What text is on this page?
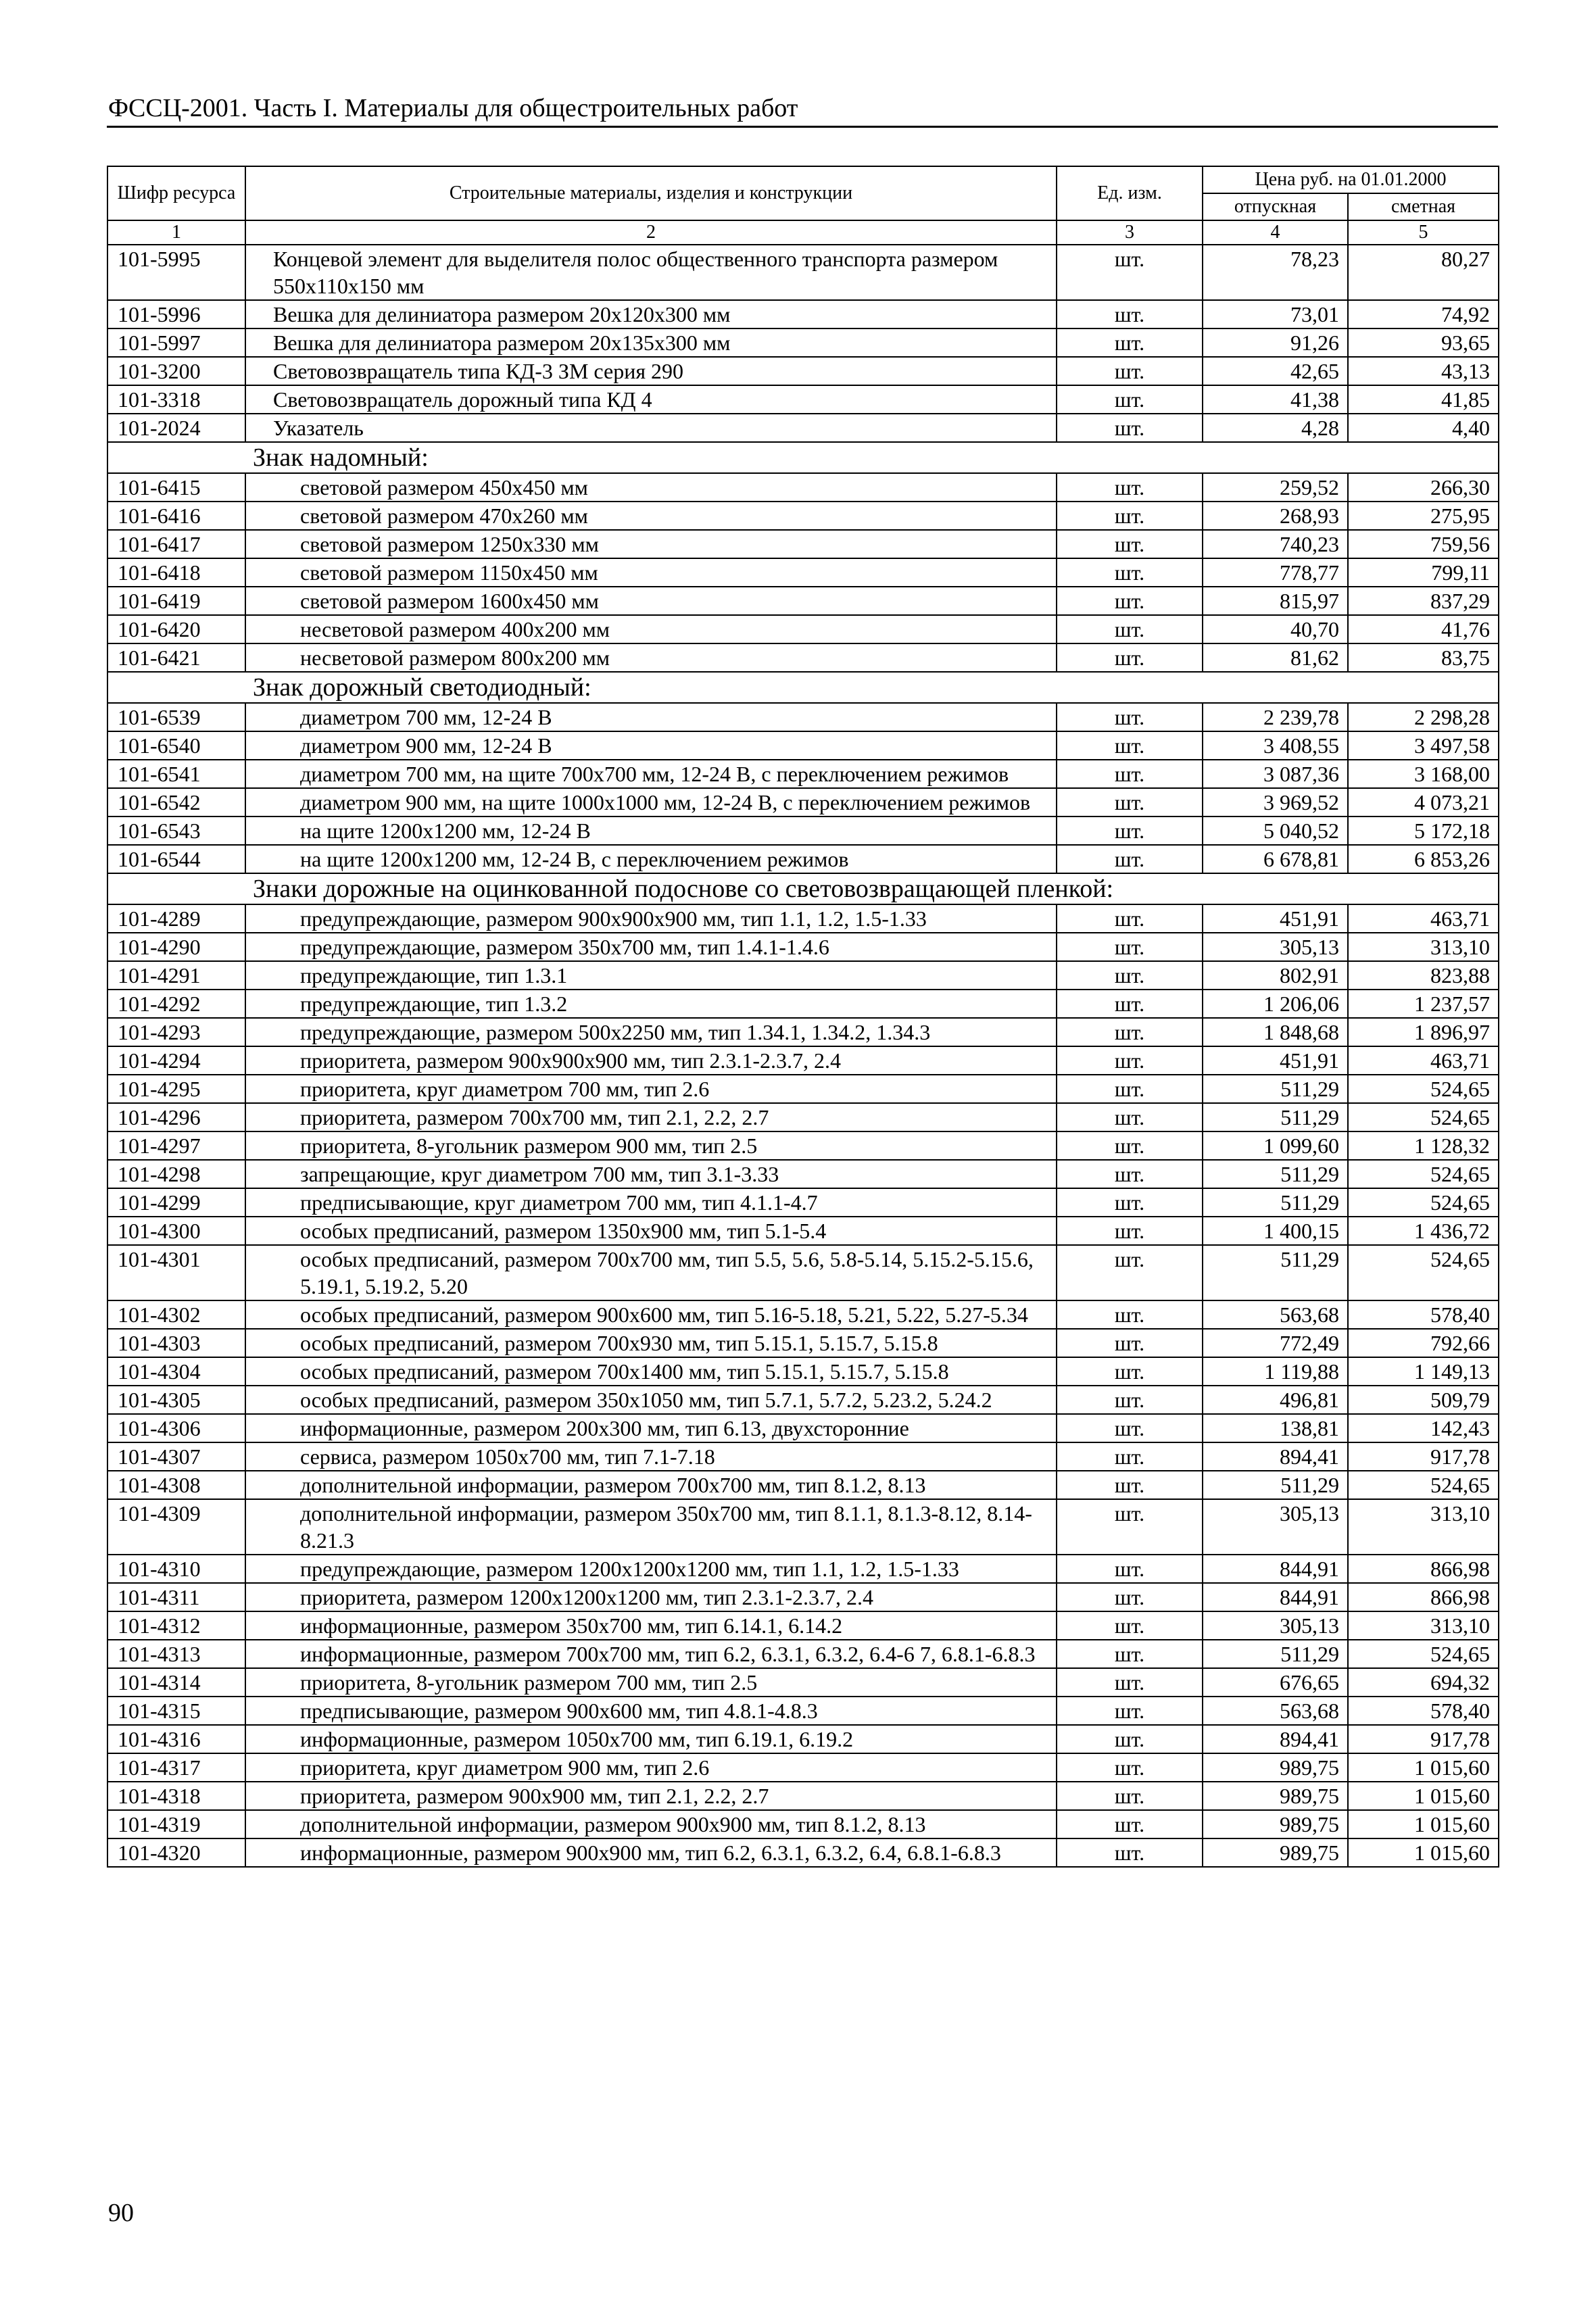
ФССЦ-2001. Часть I. Материалы для общестроительных работ
Шифр ресурса	Строительные материалы, изделия и конструкции	Ед. изм.	Цена руб. на 01.01.2000	
			отпускная	сметная
1	2	3	4	5
101-5995	Концевой элемент для выделителя полос общественного транспорта размером 550х110х150 мм	шт.	78,23	80,27
101-5996	Вешка для делиниатора размером 20х120х300 мм	шт.	73,01	74,92
101-5997	Вешка для делиниатора размером 20х135х300 мм	шт.	91,26	93,65
101-3200	Световозвращатель типа КД-3 ЗМ серия 290	шт.	42,65	43,13
101-3318	Световозвращатель дорожный типа КД 4	шт.	41,38	41,85
101-2024	Указатель	шт.	4,28	4,40
Знак надомный:				
101-6415	световой размером 450х450 мм	шт.	259,52	266,30
101-6416	световой размером 470х260 мм	шт.	268,93	275,95
101-6417	световой размером 1250х330 мм	шт.	740,23	759,56
101-6418	световой размером 1150х450 мм	шт.	778,77	799,11
101-6419	световой размером 1600х450 мм	шт.	815,97	837,29
101-6420	несветовой размером 400х200 мм	шт.	40,70	41,76
101-6421	несветовой размером 800х200 мм	шт.	81,62	83,75
Знак дорожный светодиодный:				
101-6539	диаметром 700 мм, 12-24 В	шт.	2 239,78	2 298,28
101-6540	диаметром 900 мм, 12-24 В	шт.	3 408,55	3 497,58
101-6541	диаметром 700 мм, на щите 700х700 мм, 12-24 В, с переключением режимов	шт.	3 087,36	3 168,00
101-6542	диаметром 900 мм, на щите 1000х1000 мм, 12-24 В, с переключением режимов	шт.	3 969,52	4 073,21
101-6543	на щите 1200х1200 мм, 12-24 В	шт.	5 040,52	5 172,18
101-6544	на щите 1200х1200 мм, 12-24 В, с переключением режимов	шт.	6 678,81	6 853,26
Знаки дорожные на оцинкованной подоснове со световозвращающей пленкой:				
101-4289	предупреждающие, размером 900х900х900 мм, тип 1.1, 1.2, 1.5-1.33	шт.	451,91	463,71
101-4290	предупреждающие, размером 350х700 мм, тип 1.4.1-1.4.6	шт.	305,13	313,10
101-4291	предупреждающие, тип 1.3.1	шт.	802,91	823,88
101-4292	предупреждающие, тип 1.3.2	шт.	1 206,06	1 237,57
101-4293	предупреждающие, размером 500х2250 мм, тип 1.34.1, 1.34.2, 1.34.3	шт.	1 848,68	1 896,97
101-4294	приоритета, размером 900х900х900 мм, тип 2.3.1-2.3.7, 2.4	шт.	451,91	463,71
101-4295	приоритета, круг диаметром 700 мм, тип 2.6	шт.	511,29	524,65
101-4296	приоритета, размером 700х700 мм, тип 2.1, 2.2, 2.7	шт.	511,29	524,65
101-4297	приоритета, 8-угольник размером 900 мм, тип 2.5	шт.	1 099,60	1 128,32
101-4298	запрещающие, круг диаметром 700 мм, тип 3.1-3.33	шт.	511,29	524,65
101-4299	предписывающие, круг диаметром 700 мм, тип 4.1.1-4.7	шт.	511,29	524,65
101-4300	особых предписаний, размером 1350х900 мм, тип 5.1-5.4	шт.	1 400,15	1 436,72
101-4301	особых предписаний, размером 700х700 мм, тип 5.5, 5.6, 5.8-5.14, 5.15.2-5.15.6, 5.19.1, 5.19.2, 5.20	шт.	511,29	524,65
101-4302	особых предписаний, размером 900х600 мм, тип 5.16-5.18, 5.21, 5.22, 5.27-5.34	шт.	563,68	578,40
101-4303	особых предписаний, размером 700х930 мм, тип 5.15.1, 5.15.7, 5.15.8	шт.	772,49	792,66
101-4304	особых предписаний, размером 700х1400 мм, тип 5.15.1, 5.15.7, 5.15.8	шт.	1 119,88	1 149,13
101-4305	особых предписаний, размером 350х1050 мм, тип 5.7.1, 5.7.2, 5.23.2, 5.24.2	шт.	496,81	509,79
101-4306	информационные, размером 200х300 мм, тип 6.13, двухсторонние	шт.	138,81	142,43
101-4307	сервиса, размером 1050х700 мм, тип 7.1-7.18	шт.	894,41	917,78
101-4308	дополнительной информации, размером 700х700 мм, тип 8.1.2, 8.13	шт.	511,29	524,65
101-4309	дополнительной информации, размером 350х700 мм, тип 8.1.1, 8.1.3-8.12, 8.14-8.21.3	шт.	305,13	313,10
101-4310	предупреждающие, размером 1200х1200х1200 мм, тип 1.1, 1.2, 1.5-1.33	шт.	844,91	866,98
101-4311	приоритета, размером 1200х1200х1200 мм, тип 2.3.1-2.3.7, 2.4	шт.	844,91	866,98
101-4312	информационные, размером 350х700 мм, тип 6.14.1, 6.14.2	шт.	305,13	313,10
101-4313	информационные, размером 700х700 мм, тип 6.2, 6.3.1, 6.3.2, 6.4-6 7, 6.8.1-6.8.3	шт.	511,29	524,65
101-4314	приоритета, 8-угольник размером 700 мм, тип 2.5	шт.	676,65	694,32
101-4315	предписывающие, размером 900х600 мм, тип 4.8.1-4.8.3	шт.	563,68	578,40
101-4316	информационные, размером 1050х700 мм, тип 6.19.1, 6.19.2	шт.	894,41	917,78
101-4317	приоритета, круг диаметром 900 мм, тип 2.6	шт.	989,75	1 015,60
101-4318	приоритета, размером 900х900 мм, тип 2.1, 2.2, 2.7	шт.	989,75	1 015,60
101-4319	дополнительной информации, размером 900х900 мм, тип 8.1.2, 8.13	шт.	989,75	1 015,60
101-4320	информационные, размером 900х900 мм, тип 6.2, 6.3.1, 6.3.2, 6.4, 6.8.1-6.8.3	шт.	989,75	1 015,60
90
